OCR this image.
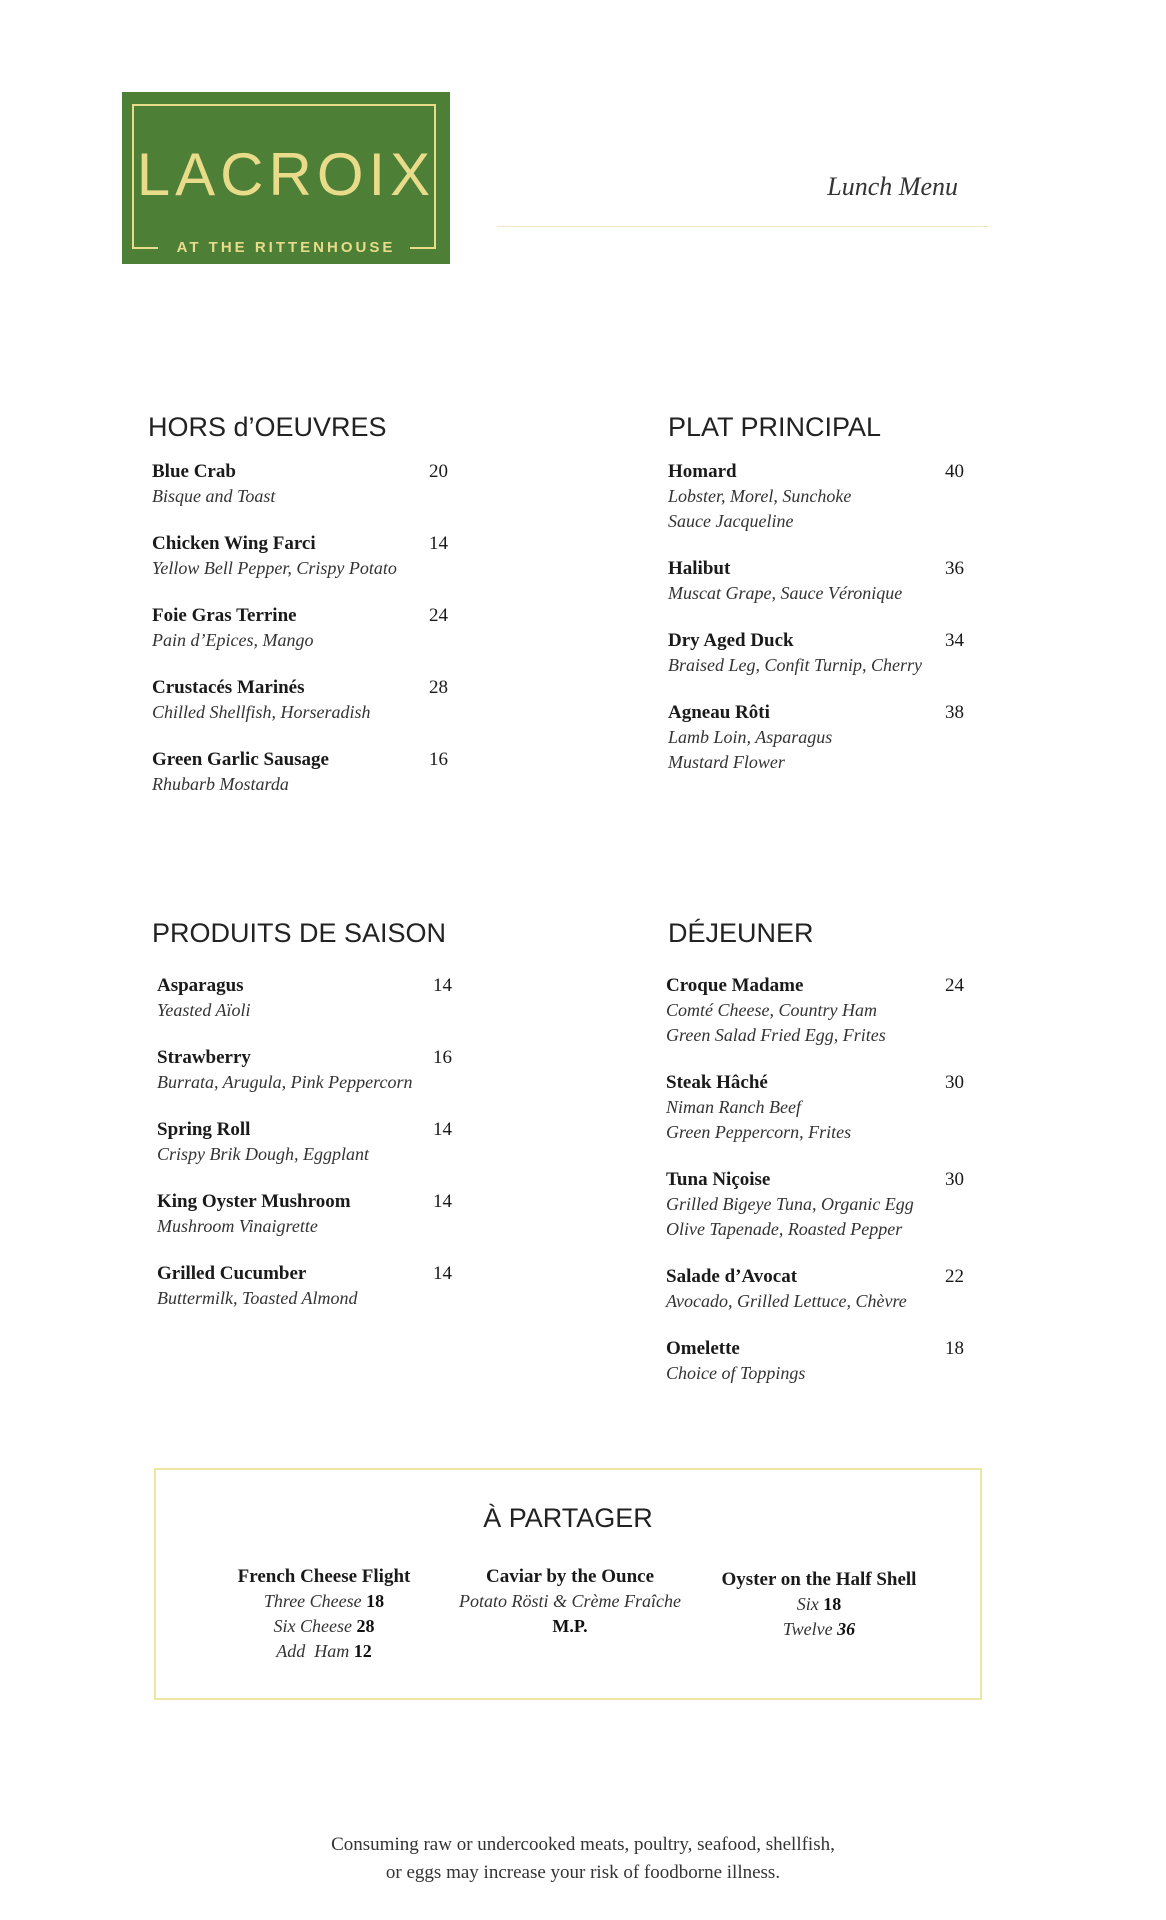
LACROIX
AT THE RITTENHOUSE
Lunch Menu
HORS d’OEUVRES
Blue Crab	20
Bisque and Toast
Chicken Wing Farci	14
Yellow Bell Pepper, Crispy Potato
Foie Gras Terrine	24
Pain d’Epices, Mango
Crustacés Marinés	28
Chilled Shellfish, Horseradish
Green Garlic Sausage	16
Rhubarb Mostarda
PLAT PRINCIPAL
Homard	40
Lobster, Morel, Sunchoke
Sauce Jacqueline
Halibut	36
Muscat Grape, Sauce Véronique
Dry Aged Duck	34
Braised Leg, Confit Turnip, Cherry
Agneau Rôti	38
Lamb Loin, Asparagus
Mustard Flower
PRODUITS DE SAISON
Asparagus	14
Yeasted Aïoli
Strawberry	16
Burrata, Arugula, Pink Peppercorn
Spring Roll	14
Crispy Brik Dough, Eggplant
King Oyster Mushroom	14
Mushroom Vinaigrette
Grilled Cucumber	14
Buttermilk, Toasted Almond
DÉJEUNER
Croque Madame	24
Comté Cheese, Country Ham
Green Salad Fried Egg, Frites
Steak Hâché	30
Niman Ranch Beef
Green Peppercorn, Frites
Tuna Niçoise	30
Grilled Bigeye Tuna, Organic Egg
Olive Tapenade, Roasted Pepper
Salade d’Avocat	22
Avocado, Grilled Lettuce, Chèvre
Omelette	18
Choice of Toppings
À PARTAGER
French Cheese Flight
Three Cheese 18
Six Cheese 28
Add  Ham 12
Caviar by the Ounce
Potato Rösti & Crème Fraîche
M.P.
Oyster on the Half Shell
Six 18
Twelve 36
Consuming raw or undercooked meats, poultry, seafood, shellfish,
or eggs may increase your risk of foodborne illness.
